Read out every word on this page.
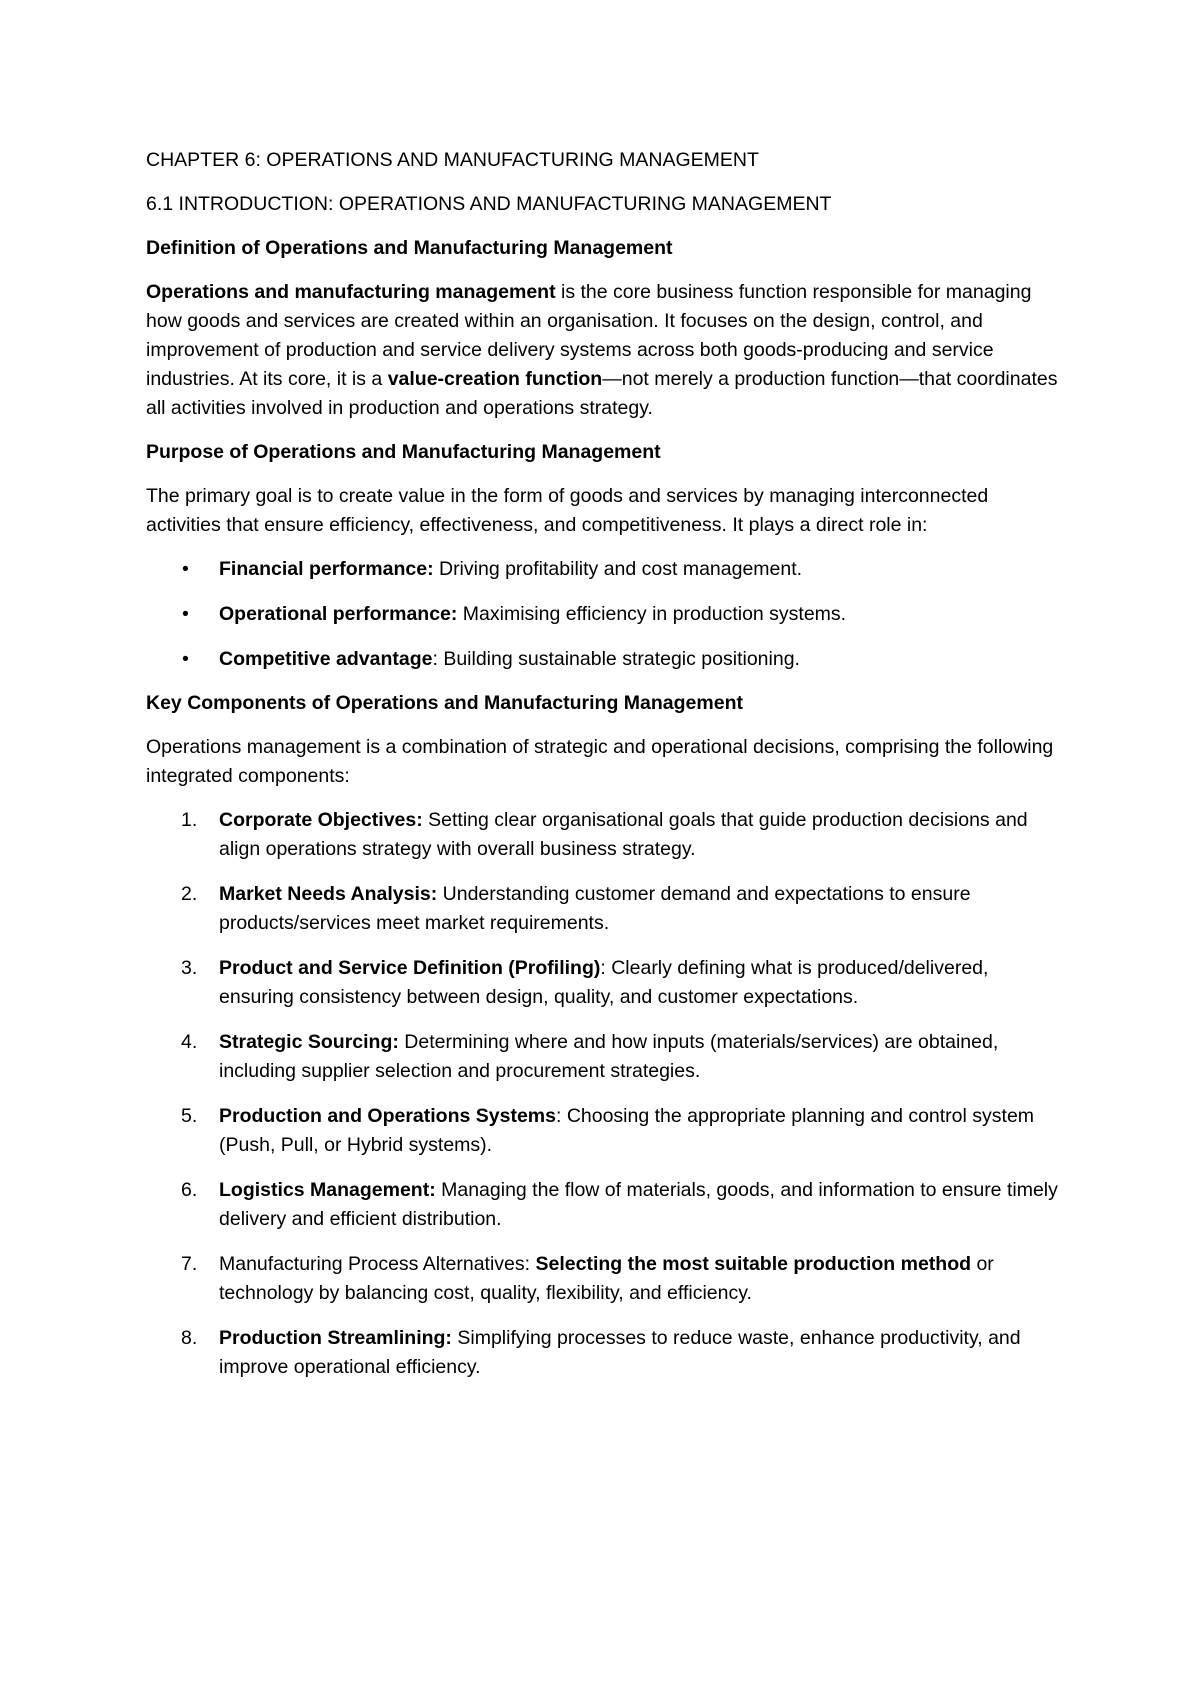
CHAPTER 6: OPERATIONS AND MANUFACTURING MANAGEMENT

6.1 INTRODUCTION: OPERATIONS AND MANUFACTURING MANAGEMENT

Definition of Operations and Manufacturing Management

Operations and manufacturing management is the core business function responsible for managing how goods and services are created within an organisation. It focuses on the design, control, and improvement of production and service delivery systems across both goods-producing and service industries. At its core, it is a value-creation function—not merely a production function—that coordinates all activities involved in production and operations strategy.

Purpose of Operations and Manufacturing Management

The primary goal is to create value in the form of goods and services by managing interconnected activities that ensure efficiency, effectiveness, and competitiveness. It plays a direct role in:

• Financial performance: Driving profitability and cost management.
• Operational performance: Maximising efficiency in production systems.
• Competitive advantage: Building sustainable strategic positioning.

Key Components of Operations and Manufacturing Management

Operations management is a combination of strategic and operational decisions, comprising the following integrated components:

1. Corporate Objectives: Setting clear organisational goals that guide production decisions and align operations strategy with overall business strategy.
2. Market Needs Analysis: Understanding customer demand and expectations to ensure products/services meet market requirements.
3. Product and Service Definition (Profiling): Clearly defining what is produced/delivered, ensuring consistency between design, quality, and customer expectations.
4. Strategic Sourcing: Determining where and how inputs (materials/services) are obtained, including supplier selection and procurement strategies.
5. Production and Operations Systems: Choosing the appropriate planning and control system (Push, Pull, or Hybrid systems).
6. Logistics Management: Managing the flow of materials, goods, and information to ensure timely delivery and efficient distribution.
7. Manufacturing Process Alternatives: Selecting the most suitable production method or technology by balancing cost, quality, flexibility, and efficiency.
8. Production Streamlining: Simplifying processes to reduce waste, enhance productivity, and improve operational efficiency.
